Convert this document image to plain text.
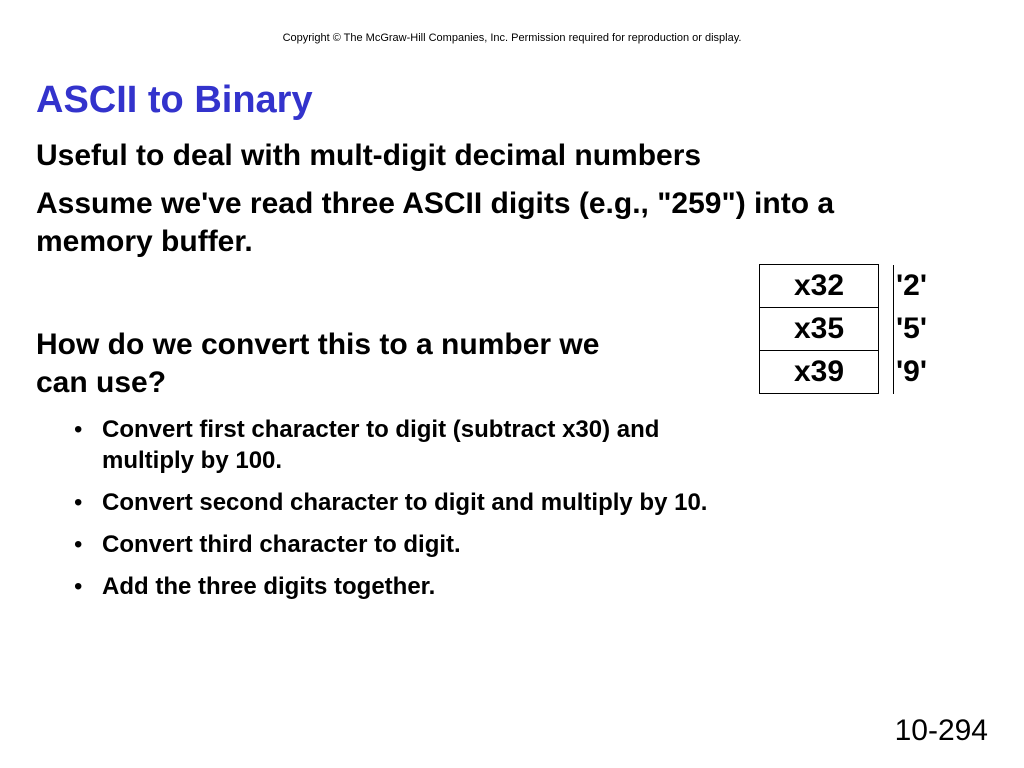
Copyright © The McGraw-Hill Companies, Inc. Permission required for reproduction or display.
ASCII to Binary

Useful to deal with mult-digit decimal numbers

Assume we've read three ASCII digits (e.g., "259") into a memory buffer.

How do we convert this to a number we can use?

• Convert first character to digit (subtract x30) and multiply by 100.
• Convert second character to digit and multiply by 10.
• Convert third character to digit.
• Add the three digits together.
x32		'2'
x35		'5'
x39		'9'
10-294
